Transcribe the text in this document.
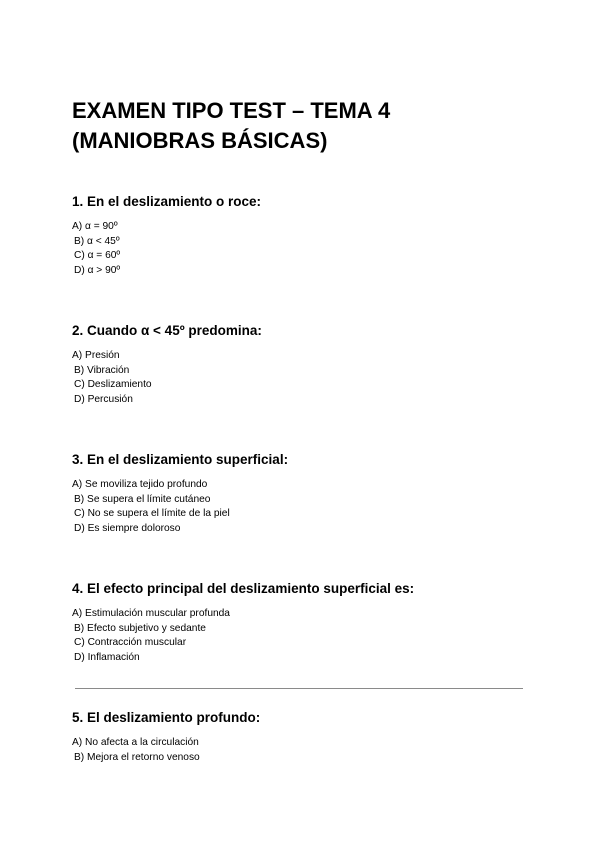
EXAMEN TIPO TEST – TEMA 4
(MANIOBRAS BÁSICAS)

1. En el deslizamiento o roce:

A) α = 90º
B) α < 45º
C) α = 60º
D) α > 90º

2. Cuando α < 45º predomina:

A) Presión
B) Vibración
C) Deslizamiento
D) Percusión

3. En el deslizamiento superficial:

A) Se moviliza tejido profundo
B) Se supera el límite cutáneo
C) No se supera el límite de la piel
D) Es siempre doloroso

4. El efecto principal del deslizamiento superficial es:

A) Estimulación muscular profunda
B) Efecto subjetivo y sedante
C) Contracción muscular
D) Inflamación

5. El deslizamiento profundo:

A) No afecta a la circulación
B) Mejora el retorno venoso
